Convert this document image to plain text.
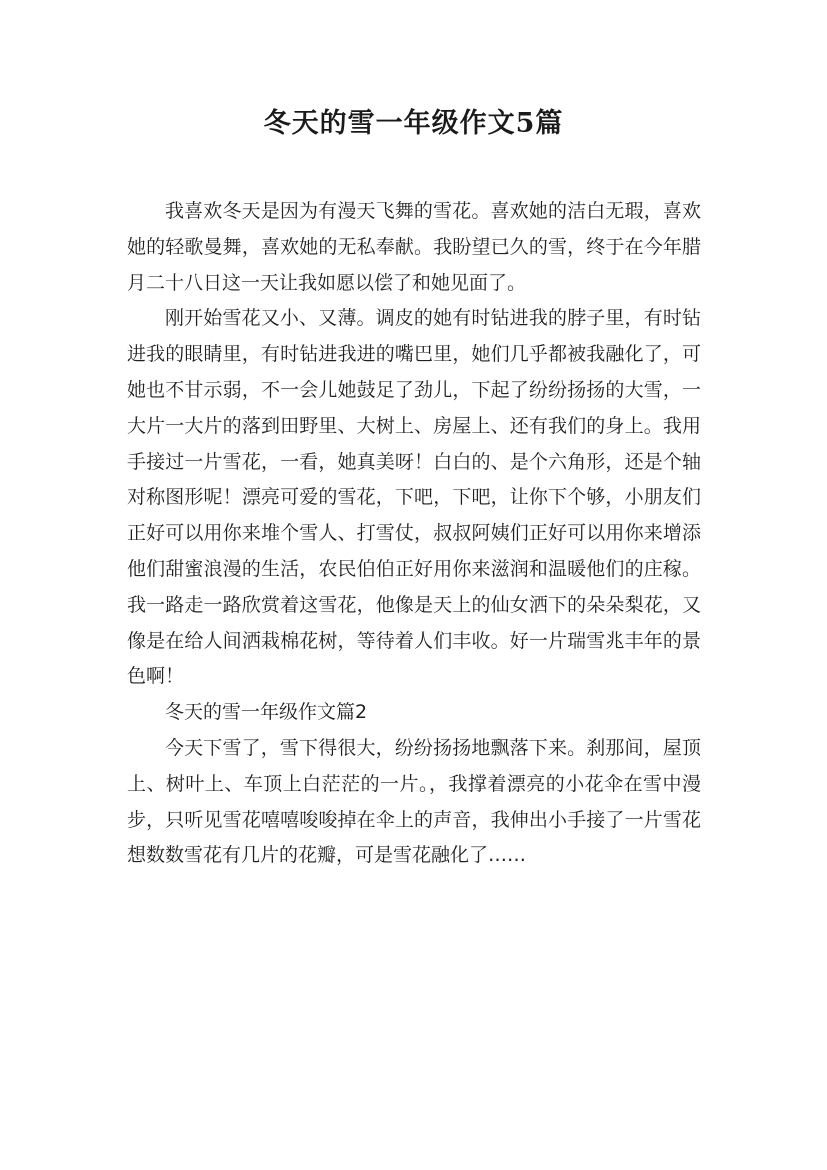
冬天的雪一年级作文5篇

我喜欢冬天是因为有漫天飞舞的雪花。喜欢她的洁白无瑕，喜欢她的轻歌曼舞，喜欢她的无私奉献。我盼望已久的雪，终于在今年腊月二十八日这一天让我如愿以偿了和她见面了。

刚开始雪花又小、又薄。调皮的她有时钻进我的脖子里，有时钻进我的眼睛里，有时钻进我进的嘴巴里，她们几乎都被我融化了，可她也不甘示弱，不一会儿她鼓足了劲儿，下起了纷纷扬扬的大雪，一大片一大片的落到田野里、大树上、房屋上、还有我们的身上。我用手接过一片雪花，一看，她真美呀！白白的、是个六角形，还是个轴对称图形呢！漂亮可爱的雪花，下吧，下吧，让你下个够，小朋友们正好可以用你来堆个雪人、打雪仗，叔叔阿姨们正好可以用你来增添他们甜蜜浪漫的生活，农民伯伯正好用你来滋润和温暖他们的庄稼。我一路走一路欣赏着这雪花，他像是天上的仙女洒下的朵朵梨花，又像是在给人间洒栽棉花树，等待着人们丰收。好一片瑞雪兆丰年的景色啊！

冬天的雪一年级作文篇2

今天下雪了，雪下得很大，纷纷扬扬地飘落下来。刹那间，屋顶上、树叶上、车顶上白茫茫的一片。，我撑着漂亮的小花伞在雪中漫步，只听见雪花嘻嘻唆唆掉在伞上的声音，我伸出小手接了一片雪花想数数雪花有几片的花瓣，可是雪花融化了……
